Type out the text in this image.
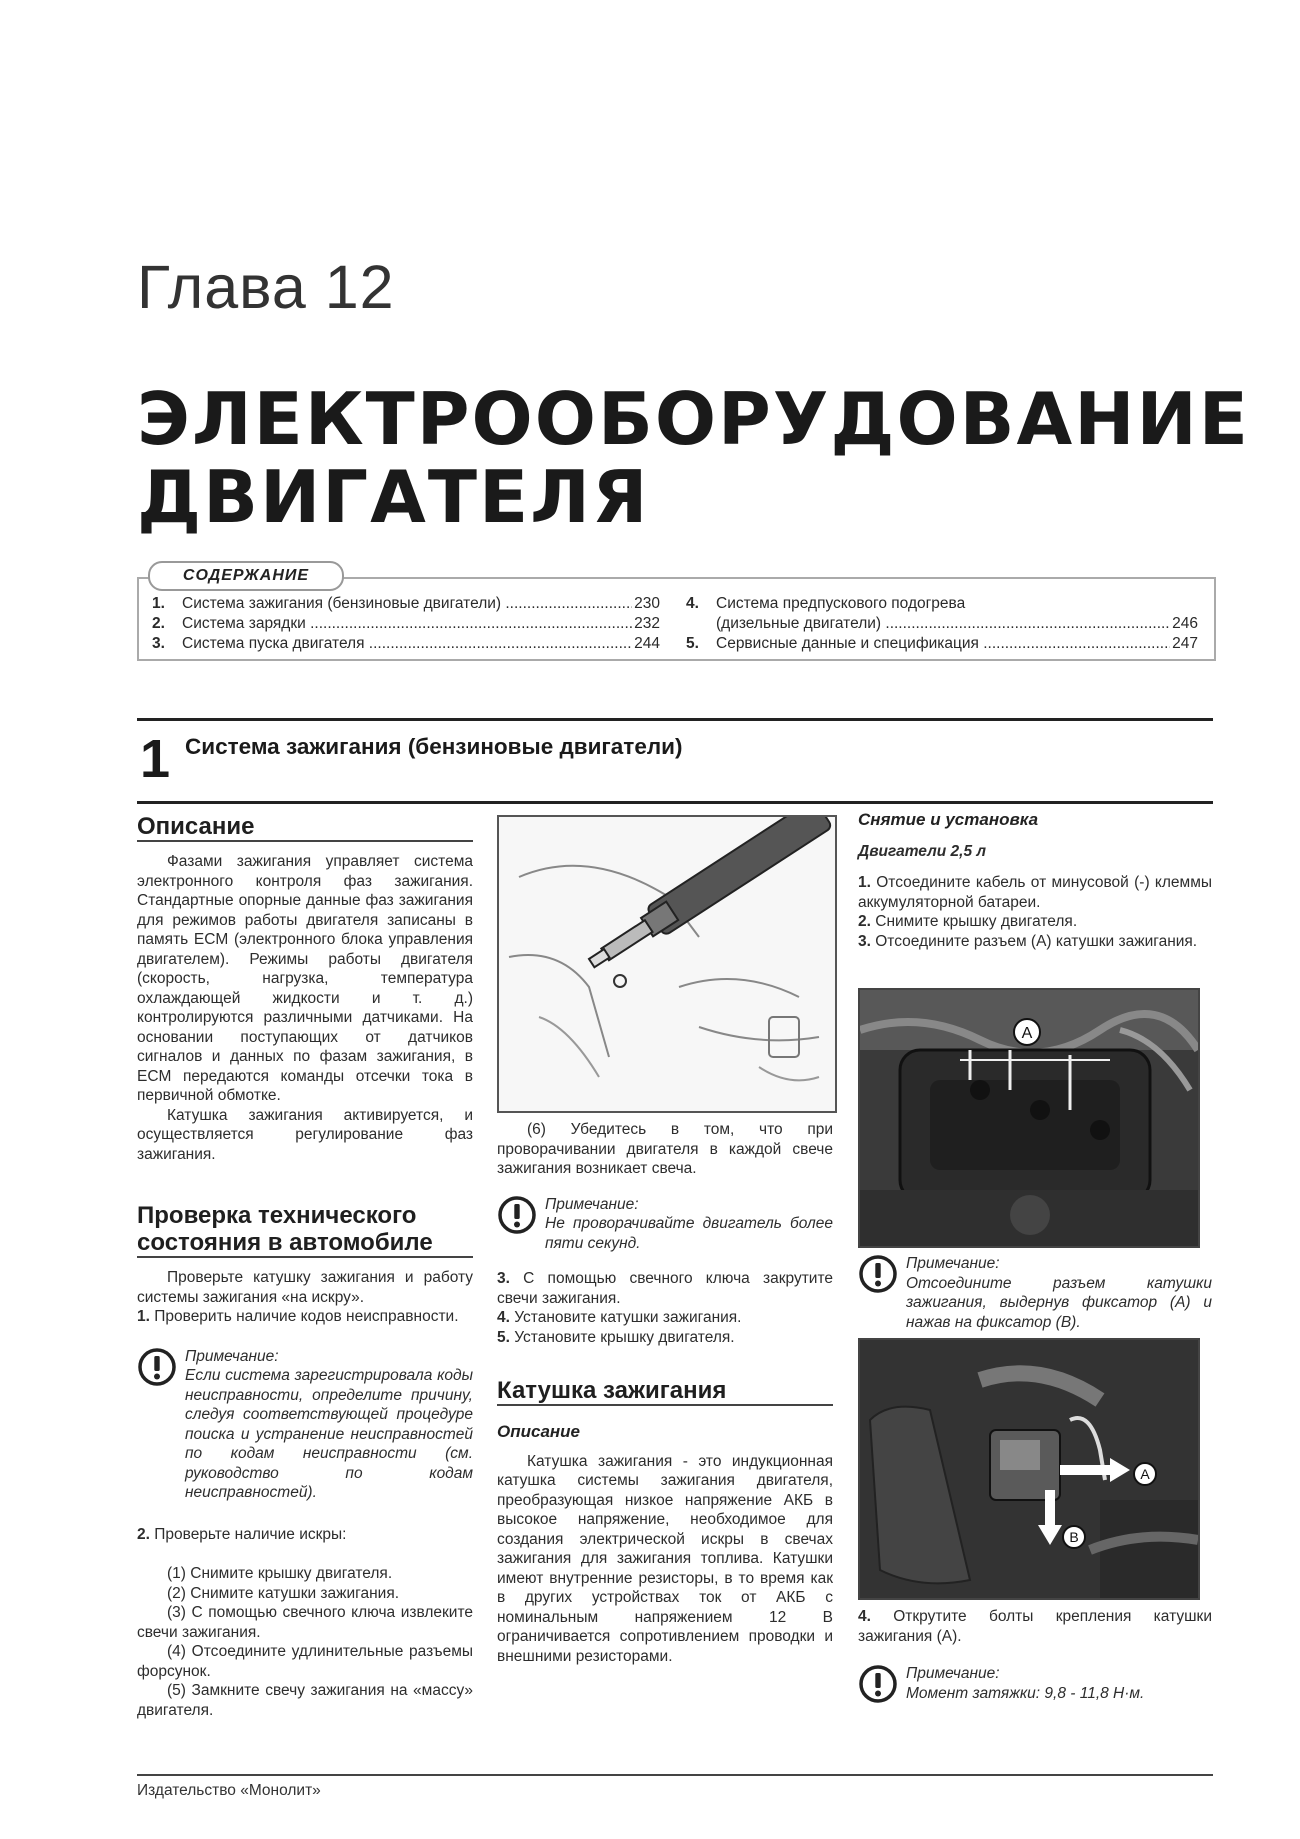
Глава 12
ЭЛЕКТРООБОРУДОВАНИЕ
ДВИГАТЕЛЯ
СОДЕРЖАНИЕ
1.	Система зажигания (бензиновые двигатели) .....	230
2.	Система зарядки .....	232
3.	Система пуска двигателя .....	244
4.	Система предпускового подогрева
(дизельные двигатели) .....	246
5.	Сервисные данные и спецификация .....	247
1 Система зажигания (бензиновые двигатели)
Описание

Фазами зажигания управляет система электронного контроля фаз зажигания. Стандартные опорные данные фаз зажигания для режимов работы двигателя записаны в память ECM (электронного блока управления двигателем). Режимы работы двигателя (скорость, нагрузка, температура охлаждающей жидкости и т. д.) контролируются различными датчиками. На основании поступающих от датчиков сигналов и данных по фазам зажигания, в ECM передаются команды отсечки тока в первичной обмотке.

Катушка зажигания активируется, и осуществляется регулирование фаз зажигания.

Проверка технического
состояния в автомобиле

Проверьте катушку зажигания и работу системы зажигания «на искру».

1. Проверить наличие кодов неисправности.

Примечание:

Если система зарегистрировала коды неисправности, определите причину, следуя соответствующей процедуре поиска и устранение неисправностей по кодам неисправности (см. руководство по кодам неисправностей).

2. Проверьте наличие искры:

(1) Снимите крышку двигателя.

(2) Снимите катушки зажигания.

(3) С помощью свечного ключа извлеките свечи зажигания.

(4) Отсоедините удлинительные разъемы форсунок.

(5) Замкните свечу зажигания на «массу» двигателя.

(6) Убедитесь в том, что при проворачивании двигателя в каждой свече зажигания возникает свеча.

Примечание:

Не проворачивайте двигатель более пяти секунд.

3. С помощью свечного ключа закрутите свечи зажигания.

4. Установите катушки зажигания.

5. Установите крышку двигателя.

Катушка зажигания
Описание

Катушка зажигания - это индукционная катушка системы зажигания двигателя, преобразующая низкое напряжение АКБ в высокое напряжение, необходимое для создания электрической искры в свечах зажигания для зажигания топлива. Катушки имеют внутренние резисторы, в то время как в других устройствах ток от АКБ с номинальным напряжением 12 В ограничивается сопротивлением проводки и внешними резисторами.

Снятие и установка
Двигатели 2,5 л

1. Отсоедините кабель от минусовой (-) клеммы аккумуляторной батареи.

2. Снимите крышку двигателя.

3. Отсоедините разъем (А) катушки зажигания.

A
Примечание:

Отсоедините разъем катушки зажигания, выдернув фиксатор (А) и нажав на фиксатор (В).

A
B

4. Открутите болты крепления катушки зажигания (А).

Примечание:

Момент затяжки: 9,8 - 11,8 Н·м.

Издательство «Монолит»
